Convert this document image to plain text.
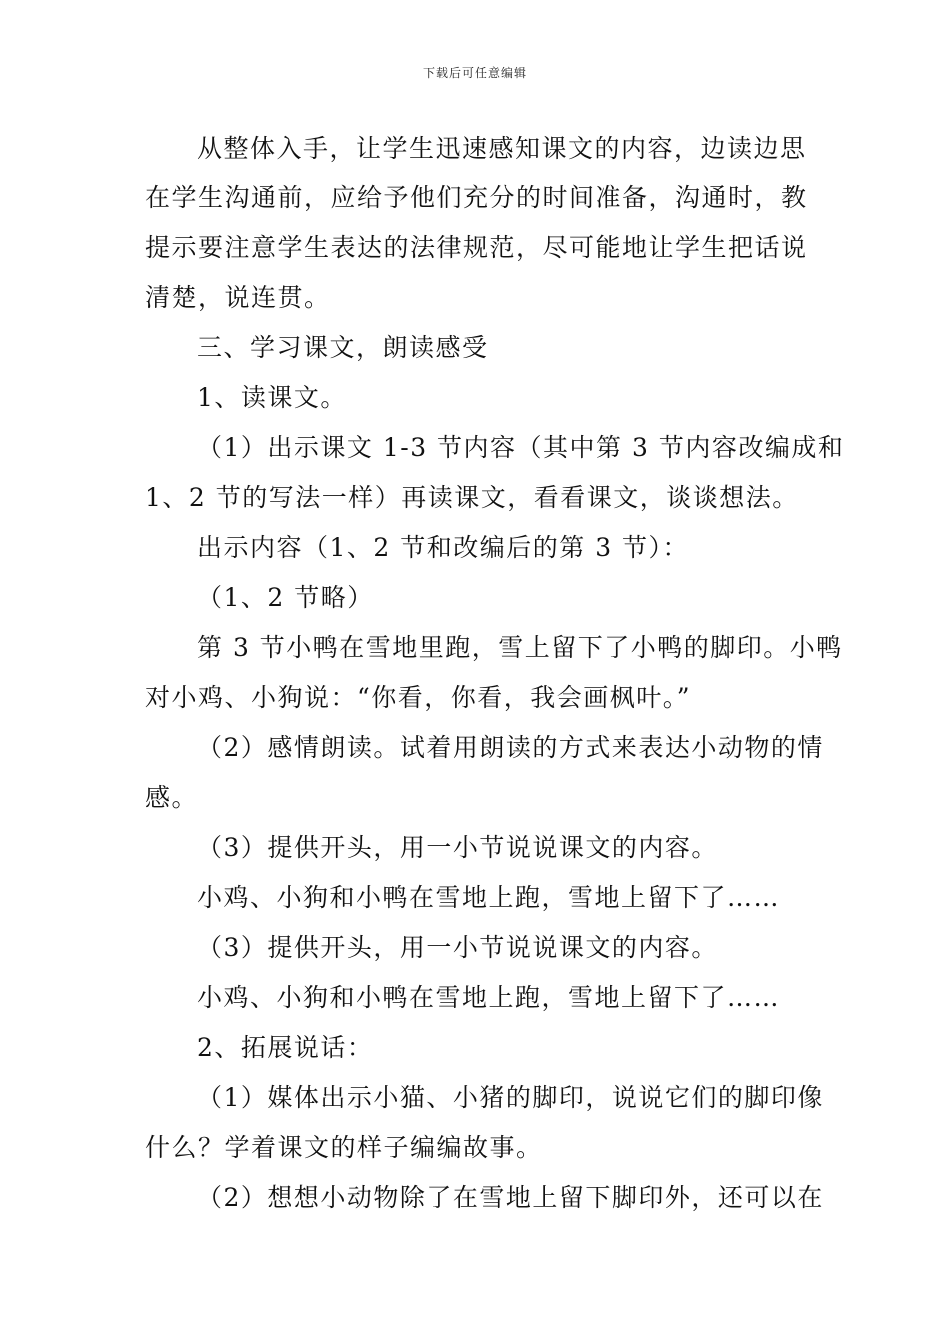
下载后可任意编辑
从整体入手，让学生迅速感知课文的内容，边读边思
在学生沟通前，应给予他们充分的时间准备，沟通时，教
提示要注意学生表达的法律规范，尽可能地让学生把话说
清楚，说连贯。
三、学习课文，朗读感受
1、读课文。
（1）出示课文 1-3 节内容（其中第 3 节内容改编成和
1、2 节的写法一样）再读课文，看看课文，谈谈想法。
出示内容（1、2 节和改编后的第 3 节）：
（1、2 节略）
第 3 节小鸭在雪地里跑，雪上留下了小鸭的脚印。小鸭
对小鸡、小狗说：“你看，你看，我会画枫叶。”
（2）感情朗读。试着用朗读的方式来表达小动物的情
感。
（3）提供开头，用一小节说说课文的内容。
小鸡、小狗和小鸭在雪地上跑，雪地上留下了……
（3）提供开头，用一小节说说课文的内容。
小鸡、小狗和小鸭在雪地上跑，雪地上留下了……
2、拓展说话：
（1）媒体出示小猫、小猪的脚印，说说它们的脚印像
什么？学着课文的样子编编故事。
（2）想想小动物除了在雪地上留下脚印外，还可以在
